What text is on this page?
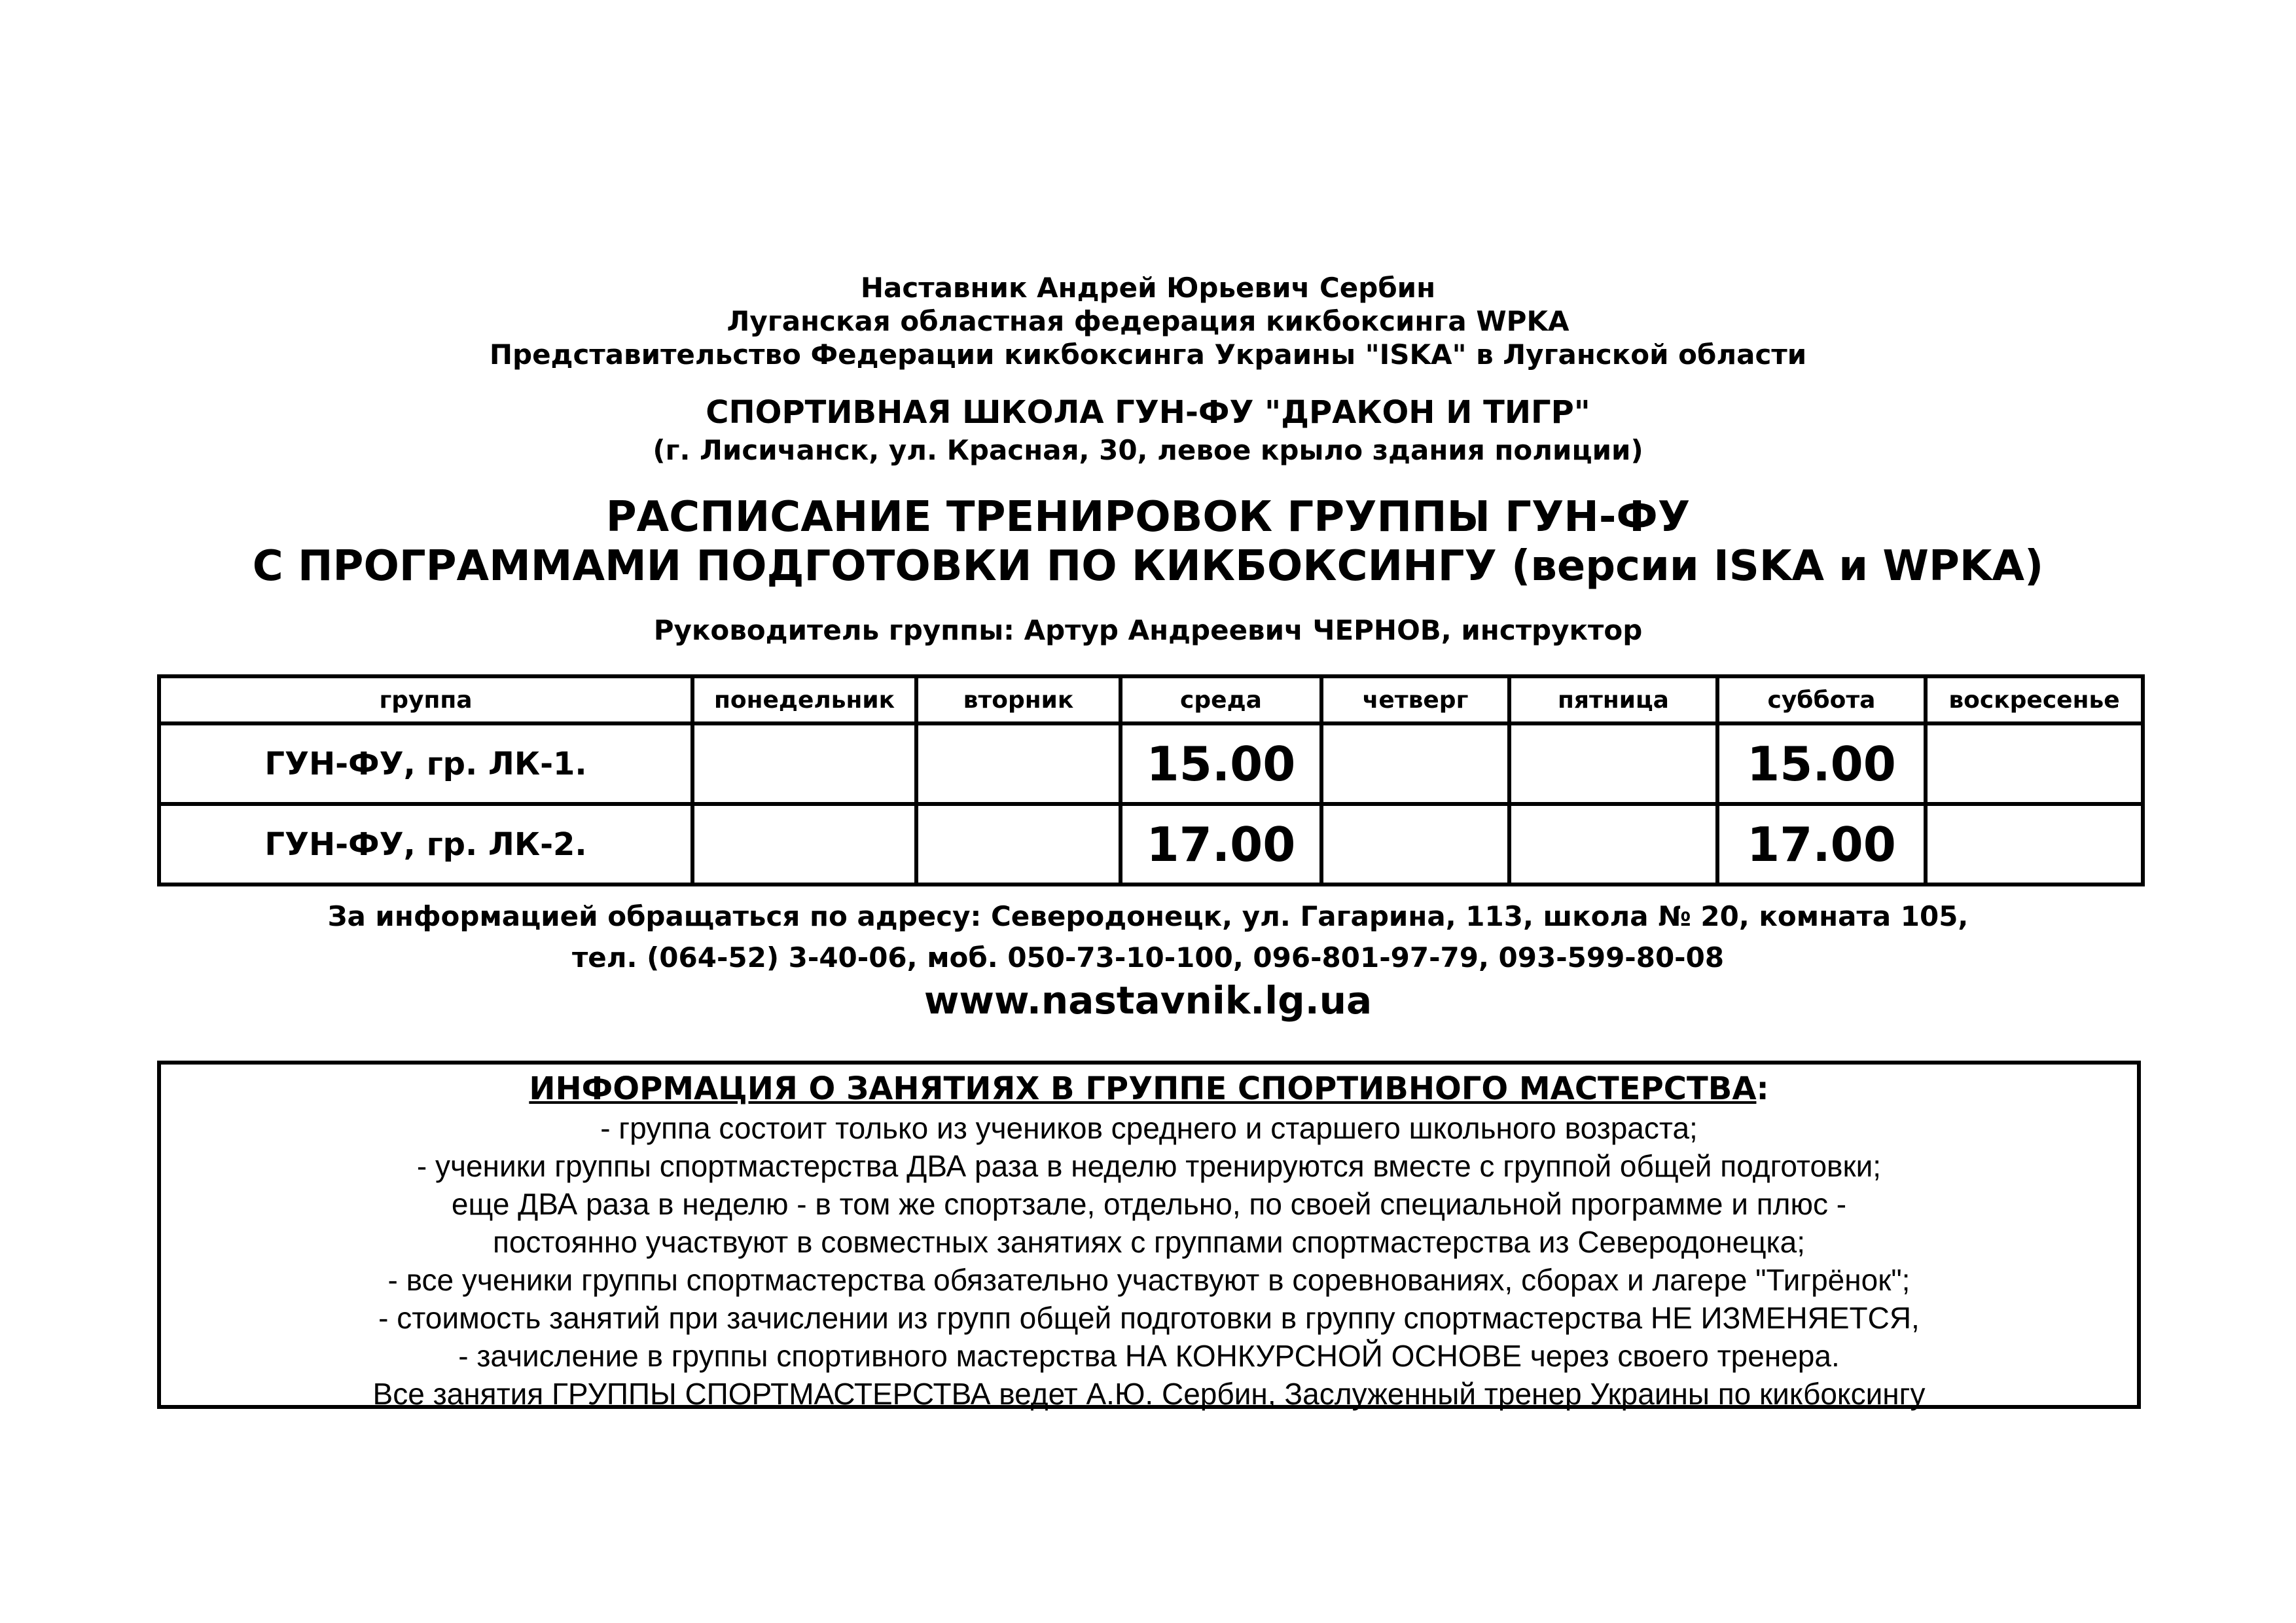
Наставник Андрей Юрьевич Сербин
Луганская областная федерация кикбоксинга WPKA
Представительство Федерации кикбоксинга Украины "ISKA" в Луганской области
СПОРТИВНАЯ ШКОЛА ГУН-ФУ "ДРАКОН И ТИГР"
(г. Лисичанск, ул. Красная, 30, левое крыло здания полиции)
РАСПИСАНИЕ ТРЕНИРОВОК ГРУППЫ ГУН-ФУ
С ПРОГРАММАМИ ПОДГОТОВКИ ПО КИКБОКСИНГУ (версии ISKA и WPKA)
Руководитель группы: Артур Андреевич ЧЕРНОВ, инструктор
группа	понедельник	вторник	среда	четверг	пятница	суббота	воскресенье
ГУН-ФУ, гр. ЛК-1.			15.00			15.00	
ГУН-ФУ, гр. ЛК-2.			17.00			17.00	
За информацией обращаться по адресу: Северодонецк, ул. Гагарина, 113, школа № 20, комната 105,
тел. (064-52) 3-40-06, моб. 050-73-10-100, 096-801-97-79, 093-599-80-08
www.nastavnik.lg.ua
ИНФОРМАЦИЯ О ЗАНЯТИЯХ В ГРУППЕ СПОРТИВНОГО МАСТЕРСТВА:
- группа состоит только из учеников среднего и старшего школьного возраста;
- ученики группы спортмастерства ДВА раза в неделю тренируются вместе с группой общей подготовки;
еще ДВА раза в неделю - в том же спортзале, отдельно, по своей специальной программе и плюс -
постоянно участвуют в совместных занятиях с группами спортмастерства из Северодонецка;
- все ученики группы спортмастерства обязательно участвуют в соревнованиях, сборах и лагере "Тигрёнок";
- стоимость занятий при зачислении из групп общей подготовки в группу спортмастерства НЕ ИЗМЕНЯЕТСЯ,
- зачисление в группы спортивного мастерства НА КОНКУРСНОЙ ОСНОВЕ через своего тренера.
Все занятия ГРУППЫ СПОРТМАСТЕРСТВА ведет А.Ю. Сербин, Заслуженный тренер Украины по кикбоксингу
